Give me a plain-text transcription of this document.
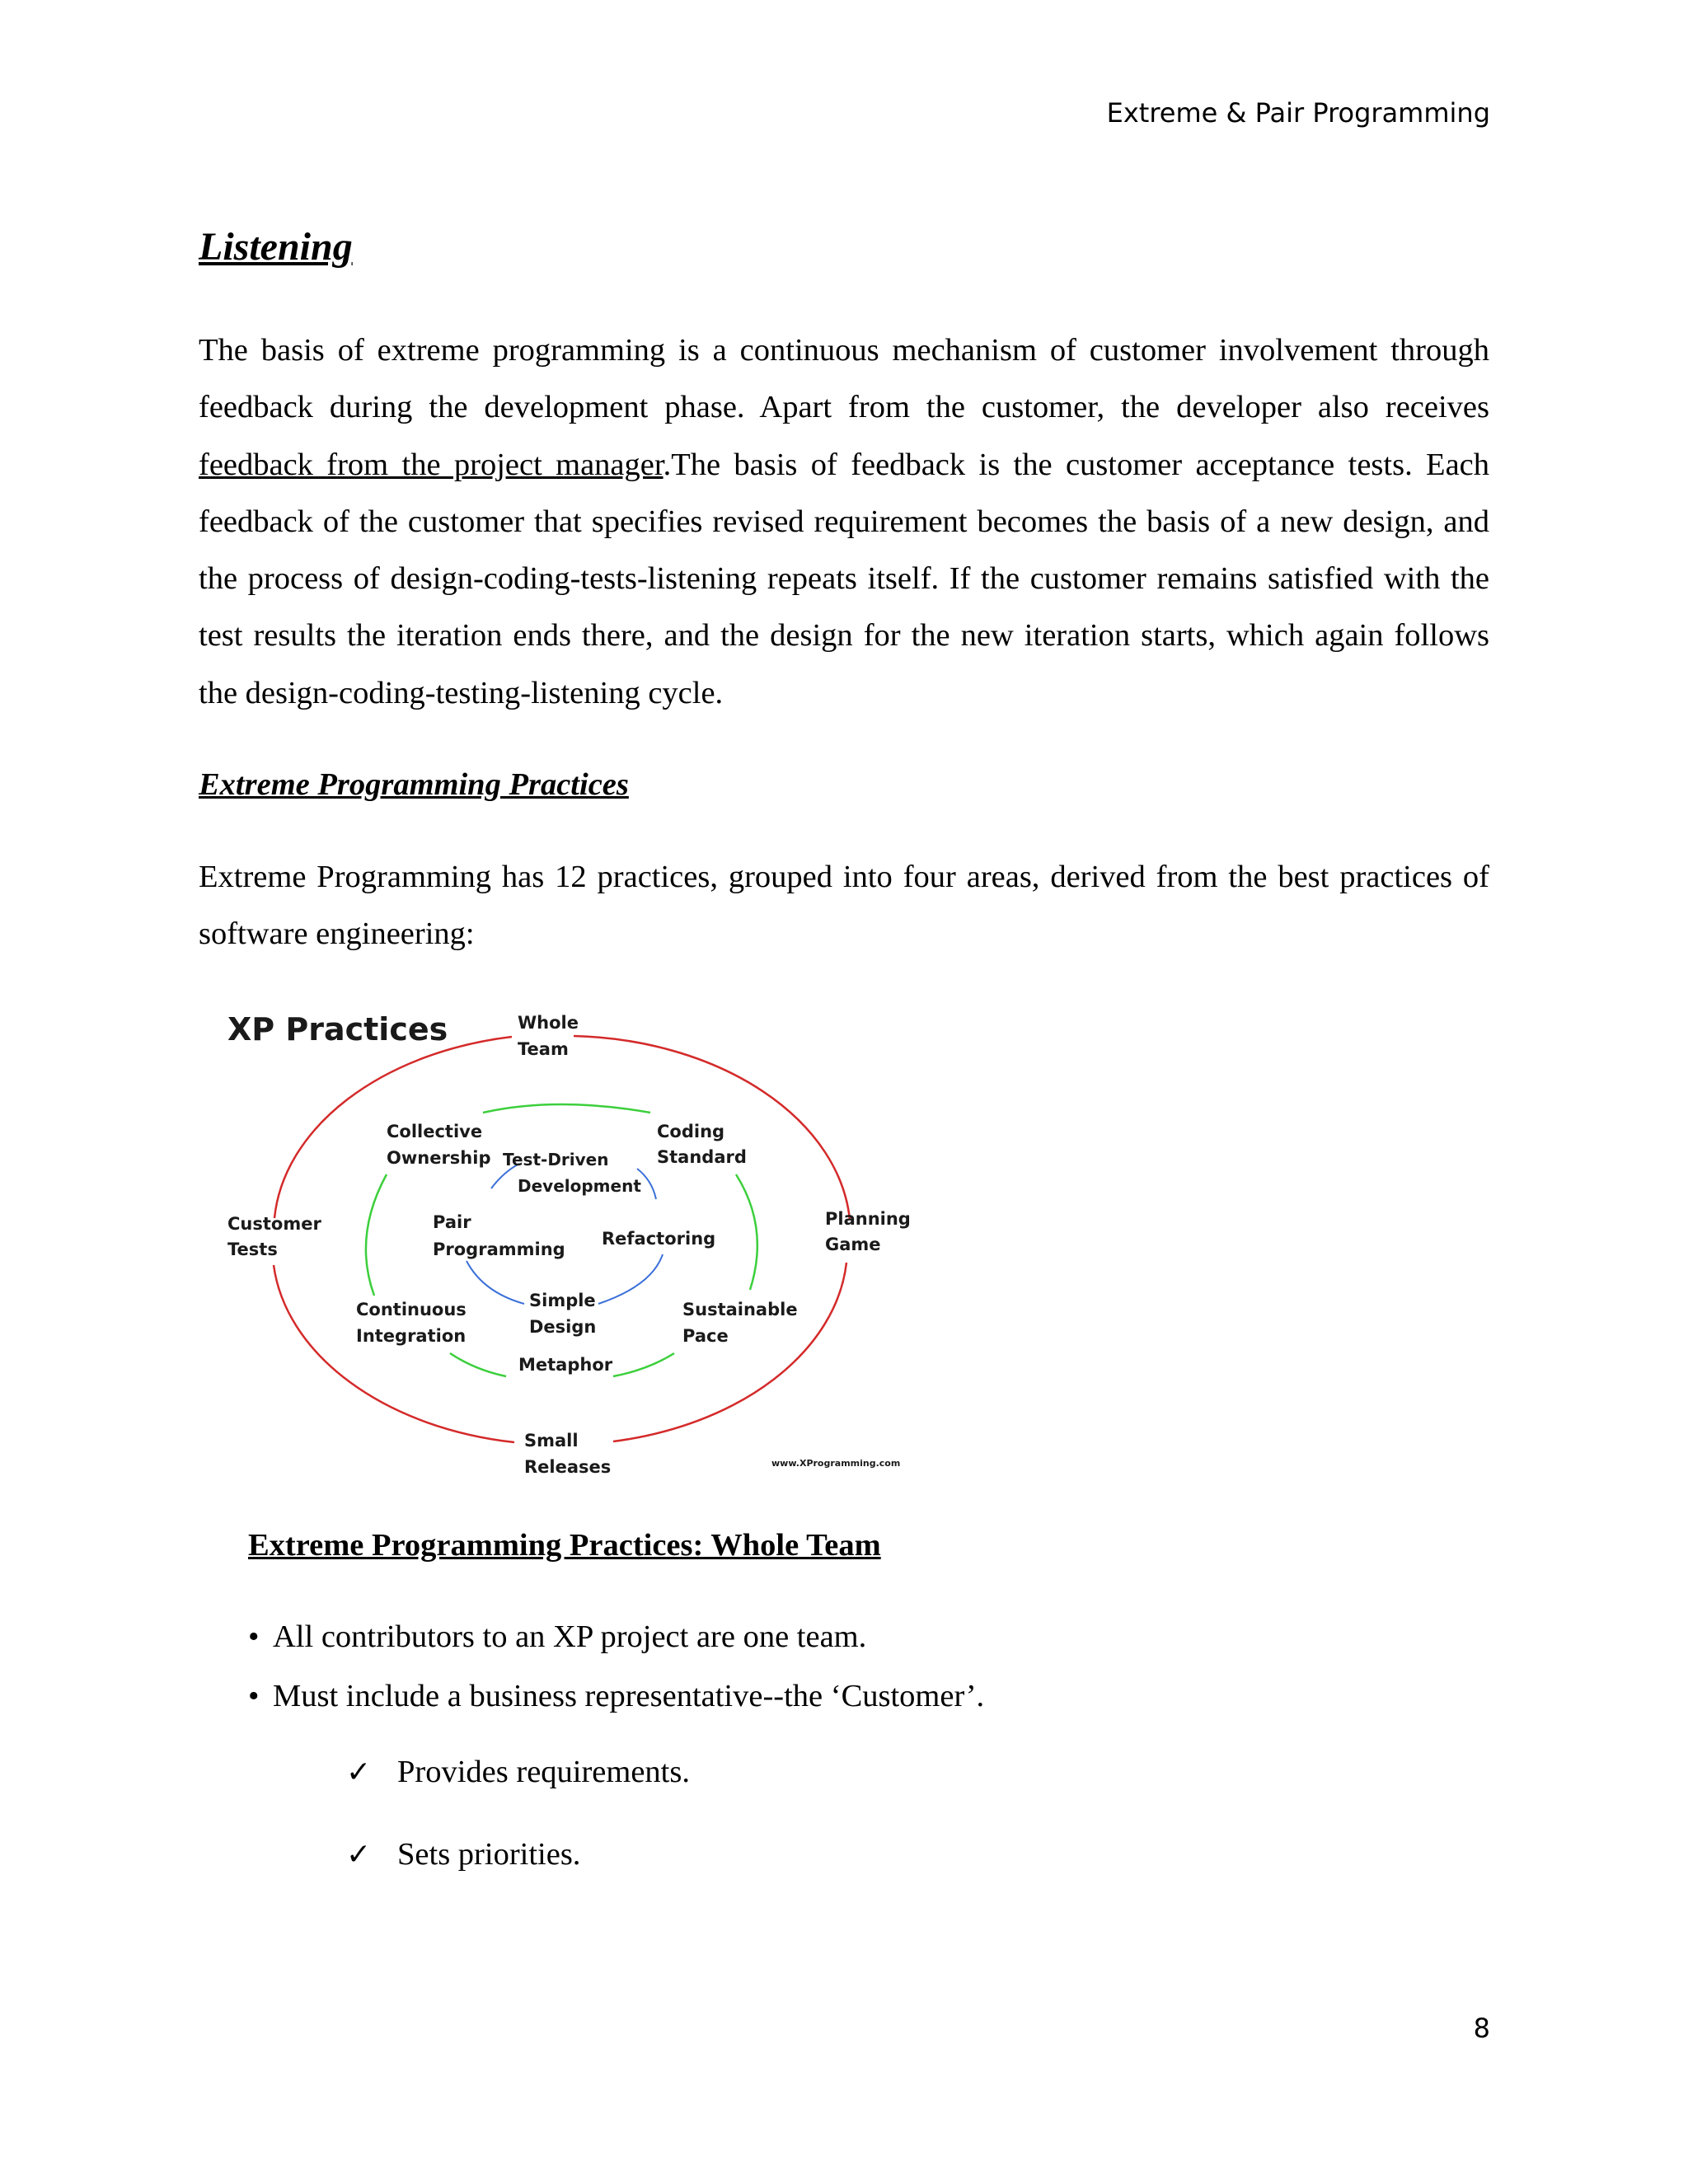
Extreme & Pair Programming
Listening

The basis of extreme programming is a continuous mechanism of customer involvement through feedback during the development phase. Apart from the customer, the developer also receives feedback from the project manager.The basis of feedback is the customer acceptance tests. Each feedback of the customer that specifies revised requirement becomes the basis of a new design, and the process of design-coding-tests-listening repeats itself. If the customer remains satisfied with the test results the iteration ends there, and the design for the new iteration starts, which again follows the design-coding-testing-listening cycle.

Extreme Programming Practices

Extreme Programming has 12 practices, grouped into four areas, derived from the best practices of software engineering:

XP Practices	Whole
Team
Customer
Tests
Planning
Game
Small
Releases
Collective
Ownership
Coding
Standard
Continuous
Integration
Sustainable
Pace
Metaphor
Test-Driven
Development
Pair
Programming
Refactoring
Simple
Design
www.XProgramming.com
Extreme Programming Practices: Whole Team
• All contributors to an XP project are one team.
• Must include a business representative--the ‘Customer’.
✓ Provides requirements.
✓ Sets priorities.
8
